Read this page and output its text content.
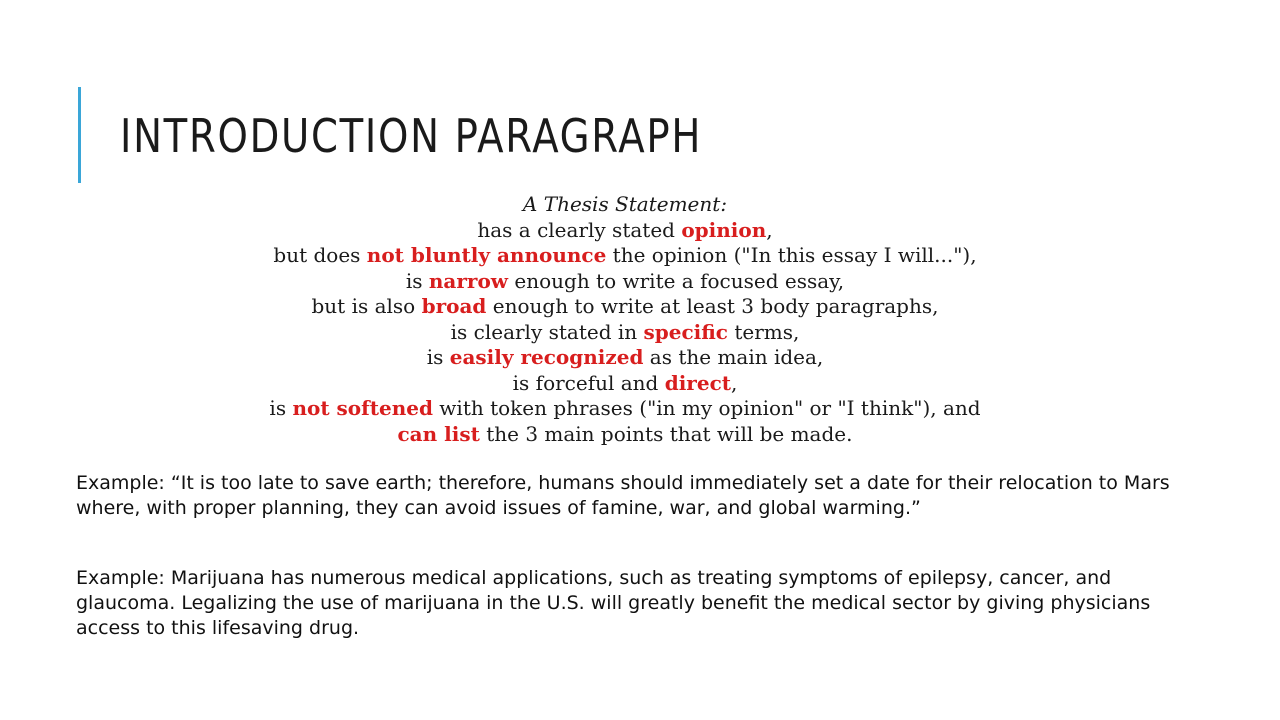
INTRODUCTION PARAGRAPH
A Thesis Statement:
has a clearly stated opinion,
but does not bluntly announce the opinion ("In this essay I will..."),
is narrow enough to write a focused essay,
but is also broad enough to write at least 3 body paragraphs,
is clearly stated in specific terms,
is easily recognized as the main idea,
is forceful and direct,
is not softened with token phrases ("in my opinion" or "I think"), and
can list the 3 main points that will be made.

Example: “It is too late to save earth; therefore, humans should immediately set a date for their relocation to Mars where, with proper planning, they can avoid issues of famine, war, and global warming.”

Example: Marijuana has numerous medical applications, such as treating symptoms of epilepsy, cancer, and glaucoma. Legalizing the use of marijuana in the U.S. will greatly benefit the medical sector by giving physicians access to this lifesaving drug.
